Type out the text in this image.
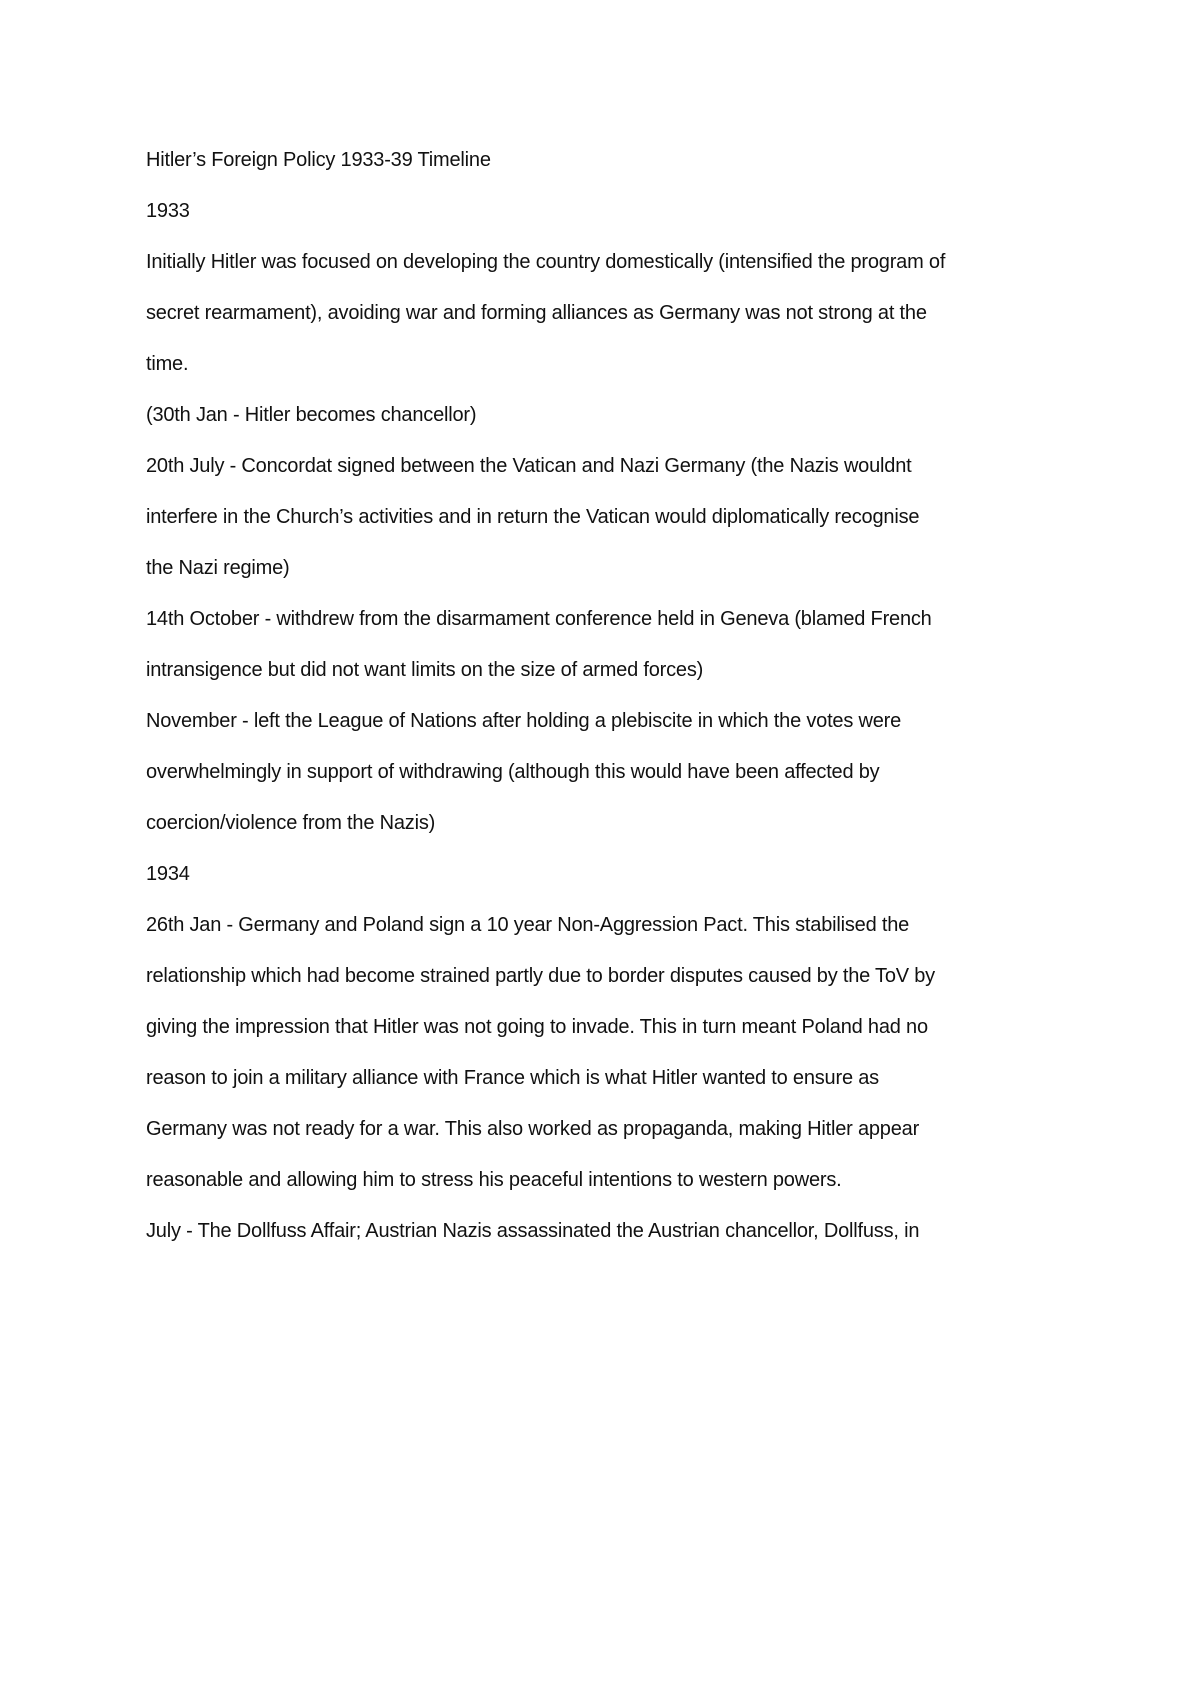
Hitler’s Foreign Policy 1933-39 Timeline

1933

Initially Hitler was focused on developing the country domestically (intensified the program of

secret rearmament), avoiding war and forming alliances as Germany was not strong at the

time.

(30th Jan - Hitler becomes chancellor)

20th July - Concordat signed between the Vatican and Nazi Germany (the Nazis wouldnt

interfere in the Church’s activities and in return the Vatican would diplomatically recognise

the Nazi regime)

14th October - withdrew from the disarmament conference held in Geneva (blamed French

intransigence but did not want limits on the size of armed forces)

November - left the League of Nations after holding a plebiscite in which the votes were

overwhelmingly in support of withdrawing (although this would have been affected by

coercion/violence from the Nazis)

1934

26th Jan - Germany and Poland sign a 10 year Non-Aggression Pact. This stabilised the

relationship which had become strained partly due to border disputes caused by the ToV by

giving the impression that Hitler was not going to invade. This in turn meant Poland had no

reason to join a military alliance with France which is what Hitler wanted to ensure as

Germany was not ready for a war. This also worked as propaganda, making Hitler appear

reasonable and allowing him to stress his peaceful intentions to western powers.

July - The Dollfuss Affair; Austrian Nazis assassinated the Austrian chancellor, Dollfuss, in
